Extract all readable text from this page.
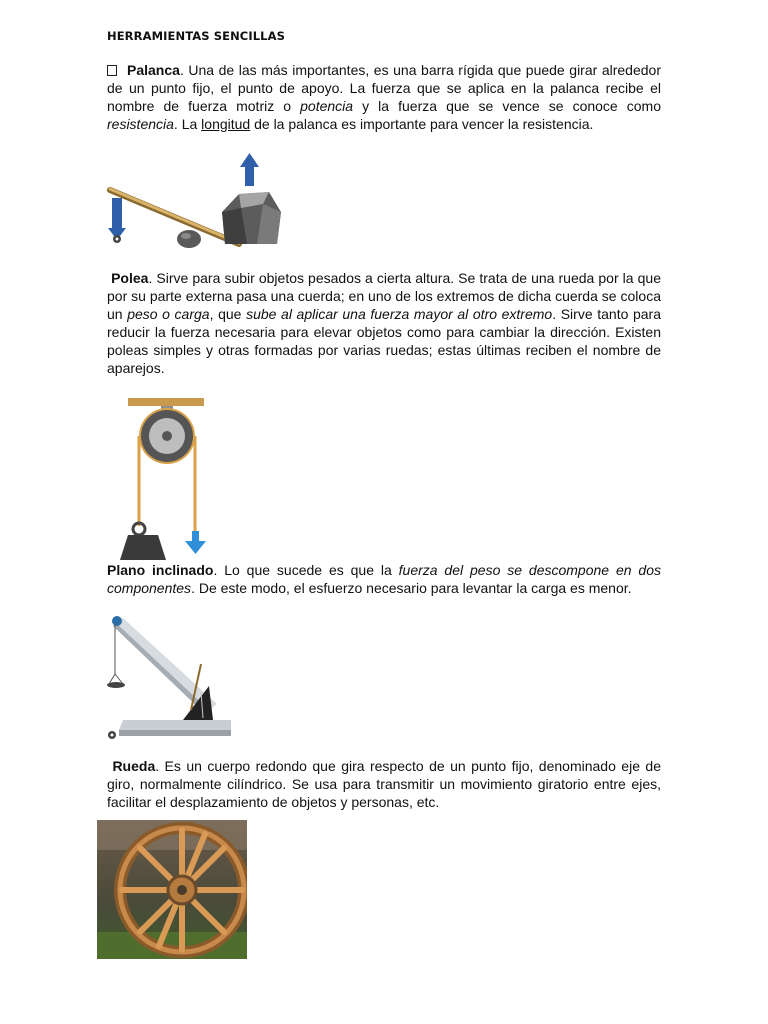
HERRAMIENTAS SENCILLAS
Palanca. Una de las más importantes, es una barra rígida que puede girar alrededor de un punto fijo, el punto de apoyo. La fuerza que se aplica en la palanca recibe el nombre de fuerza motriz o potencia y la fuerza que se vence se conoce como resistencia. La longitud de la palanca es importante para vencer la resistencia.
Polea. Sirve para subir objetos pesados a cierta altura. Se trata de una rueda por la que por su parte externa pasa una cuerda; en uno de los extremos de dicha cuerda se coloca un peso o carga, que sube al aplicar una fuerza mayor al otro extremo. Sirve tanto para reducir la fuerza necesaria para elevar objetos como para cambiar la dirección. Existen poleas simples y otras formadas por varias ruedas; estas últimas reciben el nombre de aparejos.
Plano inclinado. Lo que sucede es que la fuerza del peso se descompone en dos componentes. De este modo, el esfuerzo necesario para levantar la carga es menor.
Rueda. Es un cuerpo redondo que gira respecto de un punto fijo, denominado eje de giro, normalmente cilíndrico. Se usa para transmitir un movimiento giratorio entre ejes, facilitar el desplazamiento de objetos y personas, etc.
